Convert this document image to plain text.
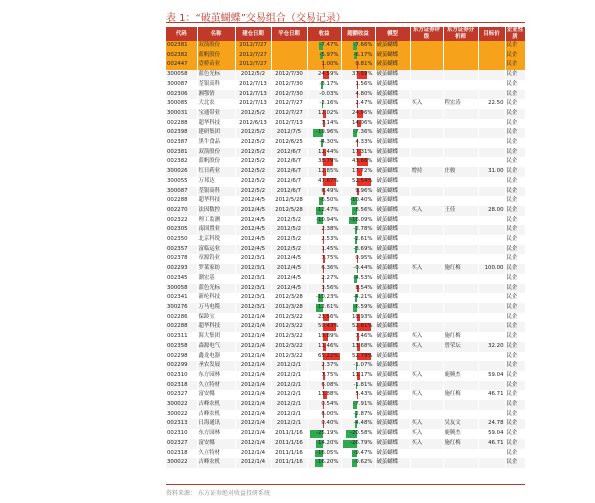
表 1：“破茧蝴蝶”交易组合（交易记录）
代码	名称	建仓日期	平仓日期	收益	超额收益	模型	东方证券评级	东方证券分析师	目标价	企业性质
002381	双箭股份	2012/7/27		-7.47%	-7.66%	破茧蝴蝶				民企
002382	蓝帆股份	2012/7/27		-5.97%	-6.17%	破茧蝴蝶				民企
002447	壹桥苗业	2012/7/27		1.00%	0.81%	破茧蝴蝶				民企
300058	蓝色光标	2012/5/2	2012/7/30	24.59%	37.59%	破茧蝴蝶				民企
300087	荃银高科	2012/7/13	2012/7/30	-3.17%	1.56%	破茧蝴蝶				民企
002306	湘鄂情	2012/7/13	2012/7/30	-0.03%	4.80%	破茧蝴蝶				民企
300085	大北农	2012/7/13	2012/7/27	-2.16%	2.47%	破茧蝴蝶	买入	程宏涛	22.50	民企
300031	宝通带业	2012/5/2	2012/7/27	12.02%	24.96%	破茧蝴蝶				民企
002288	超华科技	2012/6/13	2012/7/13	7.14%	14.06%	破茧蝴蝶				民企
002398	建研集团	2012/5/2	2012/7/5	-19.96%	-7.36%	破茧蝴蝶				民企
002387	黑牛食品	2012/5/2	2012/6/25	-4.30%	4.33%	破茧蝴蝶				民企
002381	双箭股份	2012/5/2	2012/6/7	12.44%	17.31%	破茧蝴蝶				民企
002382	蓝帆股份	2012/5/2	2012/6/7	38.79%	43.66%	破茧蝴蝶				民企
300026	红日药业	2012/5/2	2012/6/7	12.85%	17.72%	破茧蝴蝶	增持	庄骏	31.00	民企
300055	万邦达	2012/5/2	2012/6/7	47.67%	52.54%	破茧蝴蝶				民企
300087	荃银高科	2012/5/2	2012/6/7	6.49%	9.96%	破茧蝴蝶				民企
002288	超华科技	2012/4/5	2012/5/28	-6.50%	-10.40%	破茧蝴蝶				民企
002270	法因数控	2012/4/5	2012/5/28	-12.47%	-8.56%	破茧蝴蝶	买入	王佳	28.00	民企
002322	理工监测	2012/4/5	2012/5/2	-10.94%	-16.09%	破茧蝴蝶				民企
002305	南国置业	2012/4/5	2012/5/2	2.38%	-2.78%	破茧蝴蝶				民企
002350	北京科锐	2012/4/5	2012/5/2	2.53%	-2.61%	破茧蝴蝶				民企
002357	富临运业	2012/4/5	2012/5/2	1.45%	-3.69%	破茧蝴蝶				民企
002378	章源钨业	2012/3/1	2012/4/5	7.75%	0.95%	破茧蝴蝶				民企
002293	罗莱家纺	2012/3/1	2012/4/5	6.36%	-0.44%	破茧蝴蝶	买入	施红梅	100.00	民企
002345	潮宏基	2012/3/1	2012/4/5	2.27%	-4.53%	破茧蝴蝶				民企
300058	蓝色光标	2012/3/1	2012/4/5	3.56%	8.54%	破茧蝴蝶				民企
002341	新纶科技	2012/3/1	2012/3/28	-10.23%	-4.21%	破茧蝴蝶				民企
300276	万马电缆	2012/3/1	2012/3/28	-12.61%	-6.59%	破茧蝴蝶				民企
002286	保龄宝	2012/1/4	2012/3/22	23.56%	10.93%	破茧蝴蝶				民企
002288	超华科技	2012/1/4	2012/3/22	50.43%	52.81%	破茧蝴蝶				民企
002311	海大集团	2012/1/4	2012/3/22	19.89%	7.46%	破茧蝴蝶	买入	施红梅		民企
002358	森源电气	2012/1/4	2012/3/22	11.46%	13.68%	破茧蝴蝶	买入	曾荣坛	32.20	民企
002298	鑫龙电器	2012/1/4	2012/3/22	65.22%	52.79%	破茧蝴蝶				民企
002299	圣农发展	2012/1/4	2012/2/1	2.37%	-1.07%	破茧蝴蝶				民企
002310	东方园林	2012/1/4	2012/2/1	7.75%	11.17%	破茧蝴蝶	买入	鹿腾杰	59.04	民企
002318	久立特材	2012/1/4	2012/2/1	6.08%	-1.81%	破茧蝴蝶				民企
002327	富安娜	2012/1/4	2012/2/1	13.88%	5.43%	破茧蝴蝶	买入	施红梅	46.71	民企
300022	吉峰农机	2012/1/4	2012/2/1	0.54%	-7.91%	破茧蝴蝶				民企
300022	吉峰农机	2012/1/4	2012/2/1	6.00%	-2.87%	破茧蝴蝶				民企
002313	日海通讯	2012/1/4	2012/2/1	0.40%	-4.48%	破茧蝴蝶	买入	吴友文	24.78	民企
002310	东方园林	2012/1/4	2011/1/16	-25.19%	-20.58%	破茧蝴蝶	买入	鹿腾杰	59.04	民企
002327	富安娜	2012/1/4	2011/1/16	-14.20%	-26.79%	破茧蝴蝶	买入	施红梅	46.71	民企
002318	久立特材	2012/1/4	2011/1/16	-16.05%	-9.47%	破茧蝴蝶				民企
300022	吉峰农机	2012/1/4	2011/1/16	-16.20%	-9.62%	破茧蝴蝶				民企
资料来源： 东方证券绝对收益投研系统
